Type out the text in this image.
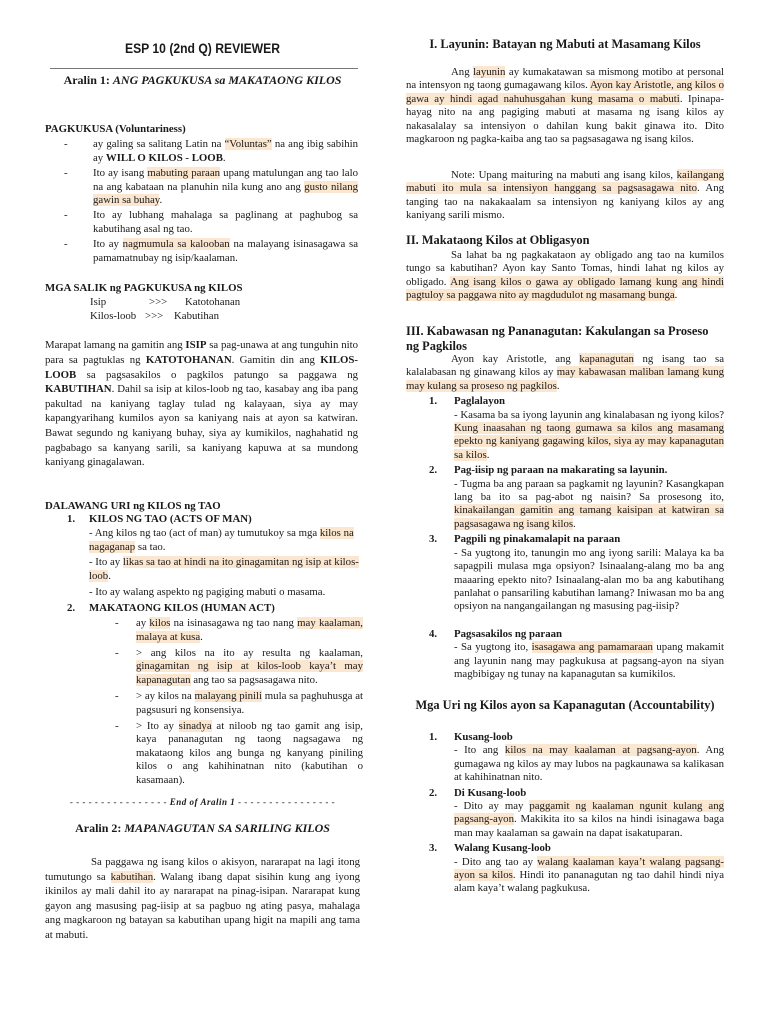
ESP 10 (2nd Q) REVIEWER
Aralin 1: ANG PAGKUKUSA sa MAKATAONG KILOS
PAGKUKUSA (Voluntariness)
- ay galing sa salitang Latin na “Voluntas” na ang ibig sabihin ay WILL O KILOS - LOOB.
- Ito ay isang mabuting paraan upang matulungan ang tao lalo na ang kabataan na planuhin nila kung ano ang gusto nilang gawin sa buhay.
- Ito ay lubhang mahalaga sa paglinang at paghubog sa kabutihang asal ng tao.
- Ito ay nagmumula sa kalooban na malayang isinasagawa sa pamamatnubay ng isip/kaalaman.
MGA SALIK ng PAGKUKUSA ng KILOS
Isip	>>> Katotohanan
Kilos-loob >>> Kabutihan
Marapat lamang na gamitin ang ISIP sa pag-unawa at ang tunguhin nito para sa pagtuklas ng KATOTOHANAN. Gamitin din ang KILOS-LOOB sa pagsasakilos o pagkilos patungo sa paggawa ng KABUTIHAN. Dahil sa isip at kilos-loob ng tao, kasabay ang iba pang pakultad na kaniyang taglay tulad ng kalayaan, siya ay may kapangyarihang kumilos ayon sa kaniyang nais at ayon sa katwiran. Bawat segundo ng kaniyang buhay, siya ay kumikilos, naghahatid ng pagbabago sa kanyang sarili, sa kaniyang kapuwa at sa mundong kaniyang ginagalawan.
DALAWANG URI ng KILOS ng TAO
1. KILOS NG TAO (ACTS OF MAN)
- Ang kilos ng tao (act of man) ay tumutukoy sa mga kilos na nagaganap sa tao.
- Ito ay likas sa tao at hindi na ito ginagamitan ng isip at kilos-loob.
- Ito ay walang aspekto ng pagiging mabuti o masama.
2. MAKATAONG KILOS (HUMAN ACT)
- ay kilos na isinasagawa ng tao nang may kaalaman, malaya at kusa.
- > ang kilos na ito ay resulta ng kaalaman, ginagamitan ng isip at kilos-loob kaya’t may kapanagutan ang tao sa pagsasagawa nito.
- > ay kilos na malayang pinili mula sa paghuhusga at pagsusuri ng konsensiya.
- > Ito ay sinadya at niloob ng tao gamit ang isip, kaya pananagutan ng taong nagsagawa ng makataong kilos ang bunga ng kanyang piniling kilos o ang kahihinatnan nito (kabutihan o kasamaan).
- - - - - - - - - - - - - - - - End of Aralin 1 - - - - - - - - - - - - - - - -
Aralin 2: MAPANAGUTAN SA SARILING KILOS
Sa paggawa ng isang kilos o akisyon, nararapat na lagi itong tumutungo sa kabutihan. Walang ibang dapat sisihin kung ang iyong ikinilos ay mali dahil ito ay nararapat na pinag-isipan. Nararapat kung gayon ang masusing pag-iisip at sa pagbuo ng ating pasya, mahalaga ang magkaroon ng batayan sa kabutihan upang higit na mapili ang tama at mabuti.
I. Layunin: Batayan ng Mabuti at Masamang Kilos
Ang layunin ay kumakatawan sa mismong motibo at personal na intensyon ng taong gumagawang kilos. Ayon kay Aristotle, ang kilos o gawa ay hindi agad nahuhusgahan kung masama o mabuti. Ipinapa-hayag nito na ang pagiging mabuti at masama ng isang kilos ay nakasalalay sa intensiyon o dahilan kung bakit ginawa ito. Dito magkaroon ng pagka-kaiba ang tao sa pagsasagawa ng isang kilos.
Note: Upang maituring na mabuti ang isang kilos, kailangang mabuti ito mula sa intensiyon hanggang sa pagsasagawa nito. Ang tanging tao na nakakaalam sa intensiyon ng kaniyang kilos ay ang kaniyang sarili mismo.
II. Makataong Kilos at Obligasyon
Sa lahat ba ng pagkakataon ay obligado ang tao na kumilos tungo sa kabutihan? Ayon kay Santo Tomas, hindi lahat ng kilos ay obligado. Ang isang kilos o gawa ay obligado lamang kung ang hindi pagtuloy sa paggawa nito ay magdudulot ng masamang bunga.
III. Kabawasan ng Pananagutan: Kakulangan sa Proseso ng Pagkilos
Ayon kay Aristotle, ang kapanagutan ng isang tao sa kalalabasan ng ginawang kilos ay may kabawasan maliban lamang kung may kulang sa proseso ng pagkilos.
1. Paglalayon
- Kasama ba sa iyong layunin ang kinalabasan ng iyong kilos? Kung inaasahan ng taong gumawa sa kilos ang masamang epekto ng kaniyang gagawing kilos, siya ay may kapanagutan sa kilos.
2. Pag-iisip ng paraan na makarating sa layunin.
- Tugma ba ang paraan sa pagkamit ng layunin? Kasangkapan lang ba ito sa pag-abot ng naisin? Sa prosesong ito, kinakailangan gamitin ang tamang kaisipan at katwiran sa pagsasagawa ng isang kilos.
3. Pagpili ng pinakamalapit na paraan
- Sa yugtong ito, tanungin mo ang iyong sarili: Malaya ka ba sapagpili mulasa mga opsiyon? Isinaalang-alang mo ba ang maaaring epekto nito? Isinaalang-alan mo ba ang kabutihang panlahat o pansariling kabutihan lamang? Iniwasan mo ba ang opsiyon na nangangailangan ng masusing pag-iisip?
4. Pagsasakilos ng paraan
- Sa yugtong ito, isasagawa ang pamamaraan upang makamit ang layunin nang may pagkukusa at pagsang-ayon na siyan magbibigay ng tunay na kapanagutan sa kumikilos.
Mga Uri ng Kilos ayon sa Kapanagutan (Accountability)
1. Kusang-loob
- Ito ang kilos na may kaalaman at pagsang-ayon. Ang gumagawa ng kilos ay may lubos na pagkaunawa sa kalikasan at kahihinatnan nito.
2. Di Kusang-loob
- Dito ay may paggamit ng kaalaman ngunit kulang ang pagsang-ayon. Makikita ito sa kilos na hindi isinagawa baga man may kaalaman sa gawain na dapat isakatuparan.
3. Walang Kusang-loob
- Dito ang tao ay walang kaalaman kaya’t walang pagsang-ayon sa kilos. Hindi ito pananagutan ng tao dahil hindi niya alam kaya’t walang pagkukusa.
